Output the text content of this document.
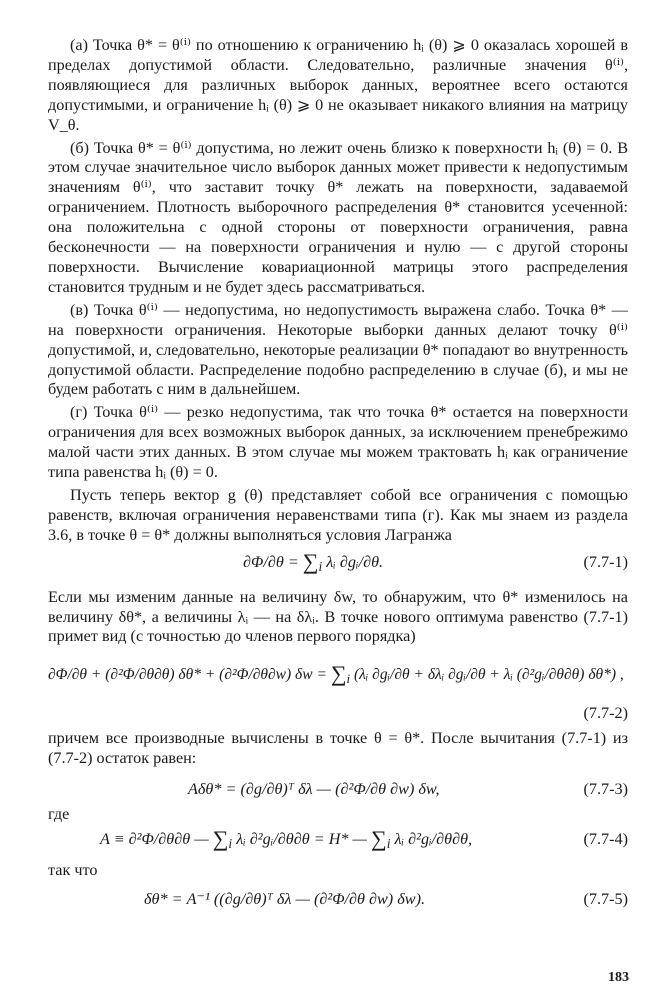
(а) Точка θ* = θ⁽ⁱ⁾ по отношению к ограничению hᵢ (θ) ⩾ 0 оказалась хорошей в пределах допустимой области. Следовательно, различные значения θ⁽ⁱ⁾, появляющиеся для различных выборок данных, вероятнее всего остаются допустимыми, и ограничение hᵢ (θ) ⩾ 0 не оказывает никакого влияния на матрицу V_θ.

(б) Точка θ* = θ⁽ⁱ⁾ допустима, но лежит очень близко к поверхности hᵢ (θ) = 0. В этом случае значительное число выборок данных может привести к недопустимым значениям θ⁽ⁱ⁾, что заставит точку θ* лежать на поверхности, задаваемой ограничением. Плотность выборочного распределения θ* становится усеченной: она положительна с одной стороны от поверхности ограничения, равна бесконечности — на поверхности ограничения и нулю — с другой стороны поверхности. Вычисление ковариационной матрицы этого распределения становится трудным и не будет здесь рассматриваться.

(в) Точка θ⁽ⁱ⁾ — недопустима, но недопустимость выражена слабо. Точка θ* — на поверхности ограничения. Некоторые выборки данных делают точку θ⁽ⁱ⁾ допустимой, и, следовательно, некоторые реализации θ* попадают во внутренность допустимой области. Распределение подобно распределению в случае (б), и мы не будем работать с ним в дальнейшем.

(г) Точка θ⁽ⁱ⁾ — резко недопустима, так что точка θ* остается на поверхности ограничения для всех возможных выборок данных, за исключением пренебрежимо малой части этих данных. В этом случае мы можем трактовать hᵢ как ограничение типа равенства hᵢ (θ) = 0.

Пусть теперь вектор g (θ) представляет собой все ограничения с помощью равенств, включая ограничения неравенствами типа (г). Как мы знаем из раздела 3.6, в точке θ = θ* должны выполняться условия Лагранжа

$\partial\Phi/\partial\theta = \sum_i$ λᵢ ∂gᵢ/∂θ.	(7.7-1)

Если мы изменим данные на величину δw, то обнаружим, что θ* изменилось на величину δθ*, а величины λᵢ — на δλᵢ. В точке нового оптимума равенство (7.7-1) примет вид (с точностью до членов первого порядка)

∂Φ/∂θ + (∂²Φ/∂θ∂θ) δθ* + (∂²Φ/∂θ∂w) $\delta w = \sum_i$ (λᵢ ∂gᵢ/∂θ + δλᵢ ∂gᵢ/∂θ + λᵢ (∂²gᵢ/∂θ∂θ) δθ*) ,
(7.7-2)

причем все производные вычислены в точке θ = θ*. После вычитания (7.7-1) из (7.7-2) остаток равен:

Aδθ* = (∂g/∂θ)ᵀ δλ — (∂²Φ/∂θ ∂w) δw,	(7.7-3)

где

A ≡ ∂²Φ/∂θ∂θ — $\sum_i$ λᵢ ∂²gᵢ/∂θ∂θ = H* — $\sum_i$ λᵢ ∂²gᵢ/∂θ∂θ,	(7.7-4)

так что

δθ* = A⁻¹ ((∂g/∂θ)ᵀ δλ — (∂²Φ/∂θ ∂w) δw).	(7.7-5)
183
